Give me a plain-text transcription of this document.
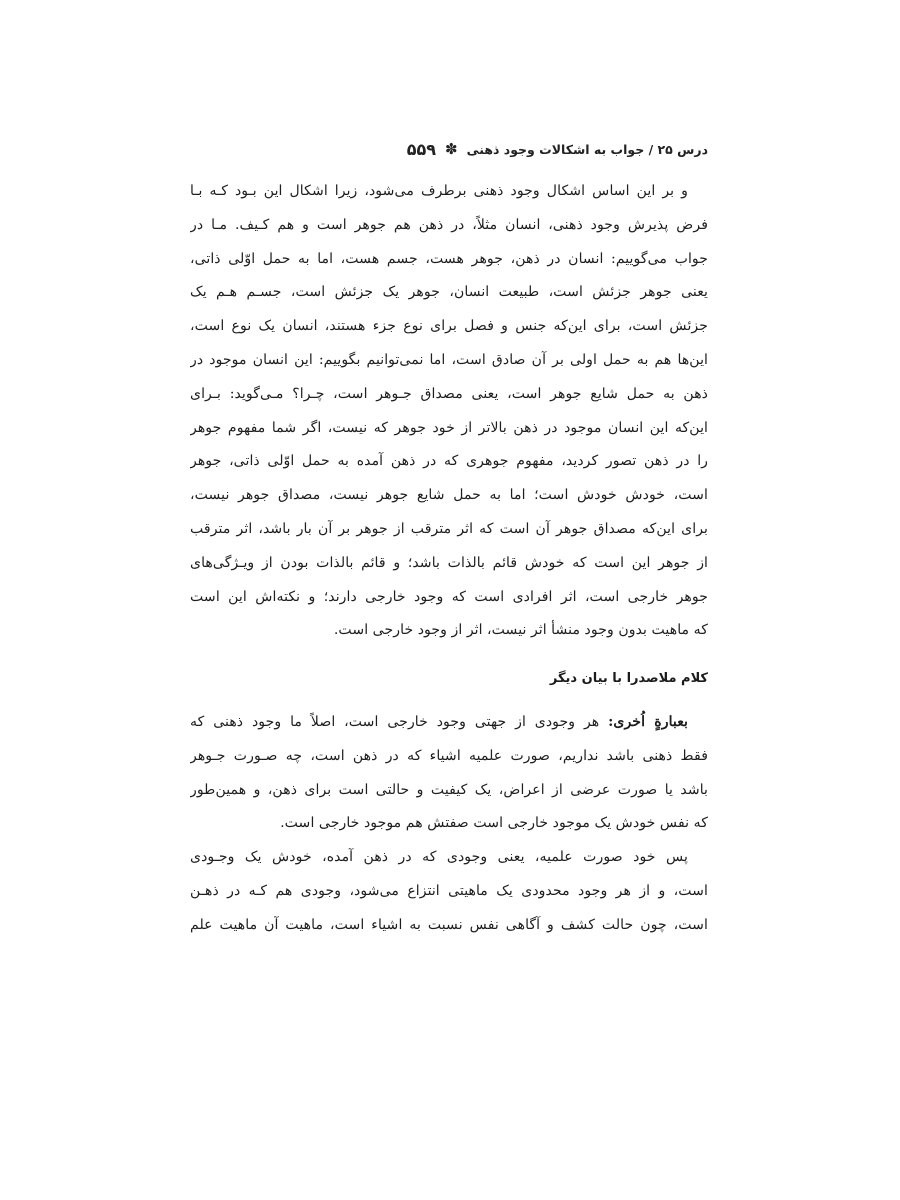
درس ۲۵ / جواب به اشکالات وجود ذهنی
✽
۵۵۹
و بر این اساس اشکال وجود ذهنی برطرف می‌شود، زیرا اشکال این بـود کـه بـا
فرض پذیرش وجود ذهنی، انسان مثلاً، در ذهن هم جوهر است و هم کـیف. مـا در
جواب می‌گوییم: انسان در ذهن، جوهر هست، جسم هست، اما به حمل اوّلی ذاتی،
یعنی جوهر جزئش است، طبیعت انسان، جوهر یک جزئش است، جسـم هـم یک
جزئش است، برای این‌که جنس و فصل برای نوع جزء هستند، انسان یک نوع است،
این‌ها هم به حمل اولی بر آن صادق است، اما نمی‌توانیم بگوییم: این انسان موجود در
ذهن به حمل شایع جوهر است، یعنی مصداق جـوهر است، چـرا؟ مـی‌گوید: بـرای
این‌که این انسان موجود در ذهن بالاتر از خود جوهر که نیست، اگر شما مفهوم جوهر
را در ذهن تصور کردید، مفهوم جوهری که در ذهن آمده به حمل اوّلی ذاتی، جوهر
است، خودش خودش است؛ اما به حمل شایع جوهر نیست، مصداق جوهر نیست،
برای این‌که مصداق جوهر آن است که اثر مترقب از جوهر بر آن بار باشد، اثر مترقب
از جوهر این است که خودش قائم بالذات باشد؛ و قائم بالذات بودن از ویـژگی‌های
جوهر خارجی است، اثر افرادی است که وجود خارجی دارند؛ و نکته‌اش این است
که ماهیت بدون وجود منشأ اثر نیست، اثر از وجود خارجی است.
کلام ملاصدرا با بیان دیگر
بعبارةٍ اُخری: هر وجودی از جهتی وجود خارجی است، اصلاً ما وجود ذهنی که
فقط ذهنی باشد نداریم، صورت علمیه اشیاء که در ذهن است، چه صـورت جـوهر
باشد یا صورت عرضی از اعراض، یک کیفیت و حالتی است برای ذهن، و همین‌طور
که نفس خودش یک موجود خارجی است صفتش هم موجود خارجی است.
پس خود صورت علمیه، یعنی وجودی که در ذهن آمده، خودش یک وجـودی
است، و از هر وجود محدودی یک ماهیتی انتزاع می‌شود، وجودی هم کـه در ذهـن
است، چون حالت کشف و آگاهی نفس نسبت به اشیاء است، ماهیت آن ماهیت علم
